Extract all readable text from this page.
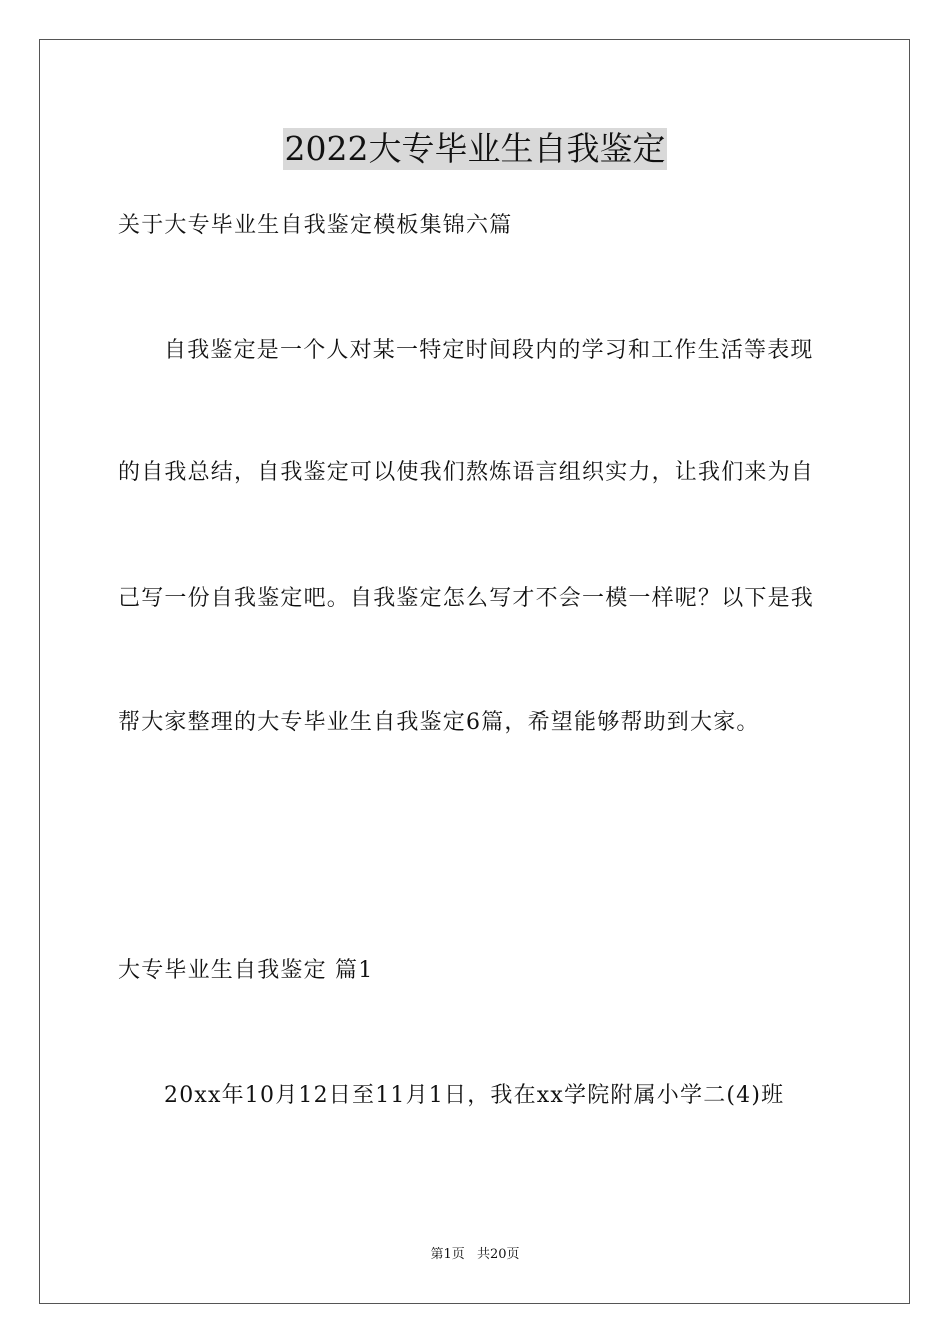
2022大专毕业生自我鉴定
关于大专毕业生自我鉴定模板集锦六篇
自我鉴定是一个人对某一特定时间段内的学习和工作生活等表现
的自我总结，自我鉴定可以使我们熬炼语言组织实力，让我们来为自
己写一份自我鉴定吧。自我鉴定怎么写才不会一模一样呢？以下是我
帮大家整理的大专毕业生自我鉴定6篇，希望能够帮助到大家。
大专毕业生自我鉴定 篇1
20xx年10月12日至11月1日，我在xx学院附属小学二(4)班
第1页 共20页
